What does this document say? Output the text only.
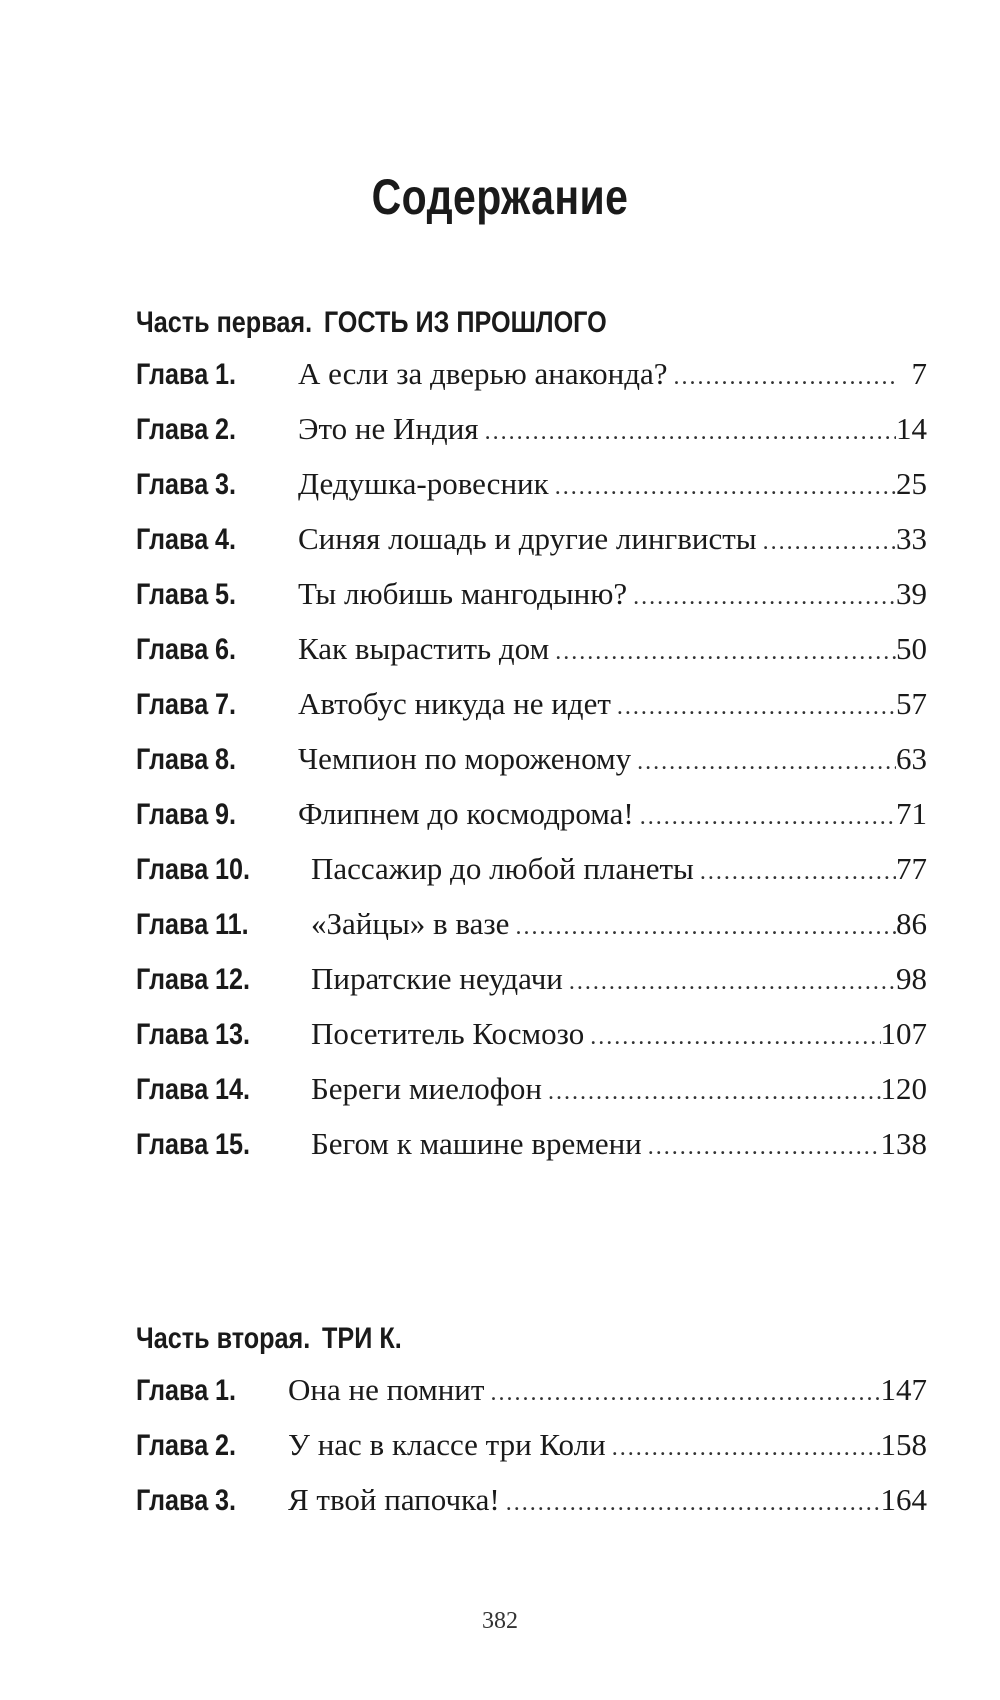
Содержание
Часть первая. ГОСТЬ ИЗ ПРОШЛОГО
Глава 1.	А если за дверью анаконда? .....	7
Глава 2.	Это не Индия .....	14
Глава 3.	Дедушка-ровесник .....	25
Глава 4.	Синяя лошадь и другие лингвисты .....	33
Глава 5.	Ты любишь мангодыню? .....	39
Глава 6.	Как вырастить дом .....	50
Глава 7.	Автобус никуда не идет .....	57
Глава 8.	Чемпион по мороженому .....	63
Глава 9.	Флипнем до космодрома! .....	71
Глава 10.	Пассажир до любой планеты .....	77
Глава 11.	«Зайцы» в вазе .....	86
Глава 12.	Пиратские неудачи .....	98
Глава 13.	Посетитель Космозо .....	107
Глава 14.	Береги миелофон .....	120
Глава 15.	Бегом к машине времени .....	138
Часть вторая. ТРИ К.
Глава 1.	Она не помнит .....	147
Глава 2.	У нас в классе три Коли .....	158
Глава 3.	Я твой папочка! .....	164
382
